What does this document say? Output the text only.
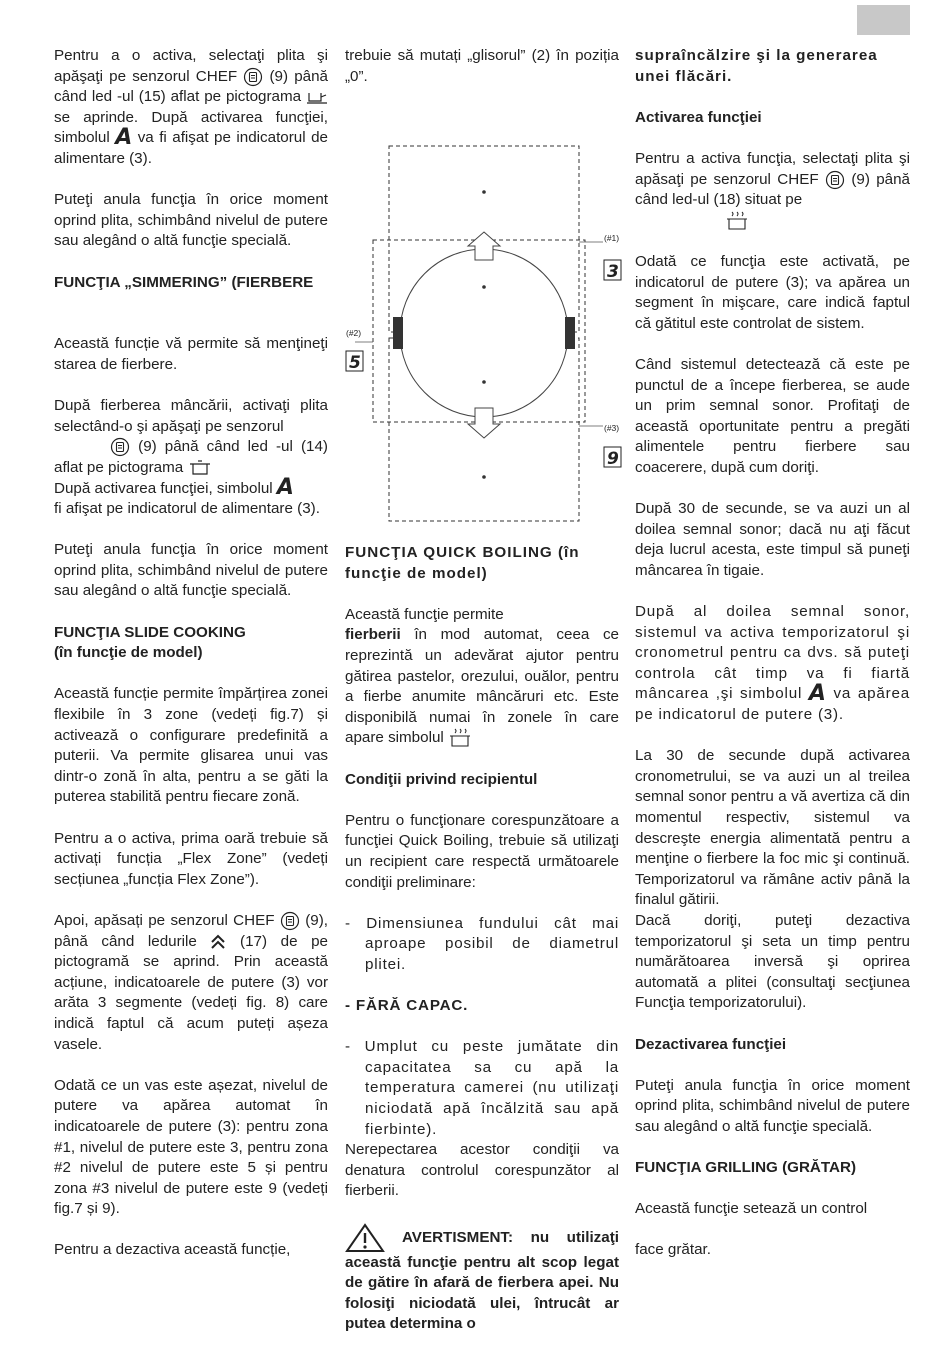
Pentru a o activa, selectaţi plita şi apăşaţi pe senzorul CHEF (9) până când led -ul (15) aflat pe pictograma  se aprinde. După activarea funcţiei, simbolul A va fi afişat pe indicatorul de alimentare (3).

Puteţi anula funcţia în orice moment oprind plita, schimbând nivelul de putere sau alegând o altă funcţie specială.

FUNCŢIA „SIMMERING” (FIERBERE

Această funcție vă permite să menţineţi starea de fierbere.

După fierberea mâncării, activaţi plita selectând-o şi apăşaţi pe senzorul
(9) până când led -ul (14) aflat pe pictograma
După activarea funcţiei, simbolul A
fi afişat pe indicatorul de alimentare (3).

Puteţi anula funcţia în orice moment oprind plita, schimbând nivelul de putere sau alegând o altă funcţie specială.

FUNCŢIA SLIDE COOKING
(în funcţie de model)

Această funcție permite împărțirea zonei flexibile în 3 zone (vedeți fig.7) și activează o configurare predefinită a puterii. Va permite glisarea unui vas dintr-o zonă în alta, pentru a se găti la puterea stabilită pentru fiecare zonă.

Pentru a o activa, prima oară trebuie să activați funcția „Flex Zone” (vedeți secțiunea „funcția Flex Zone”).

Apoi, apăsați pe senzorul CHEF (9), până când ledurile	(17) de pe pictogramă se aprind. Prin această acțiune, indicatoarele de putere (3) vor arăta 3 segmente (vedeți fig. 8) care indică faptul că acum puteți așeza vasele.

Odată ce un vas este așezat, nivelul de putere va apărea automat în indicatoarele de putere (3): pentru zona #1, nivelul de putere este 3, pentru zona #2 nivelul de putere este 5 și pentru zona #3 nivelul de putere este 9 (vedeți fig.7 și 9).

Pentru a dezactiva această funcție,

trebuie să mutați „glisorul” (2) în poziția „0”.

(#1)
3
(#2)
5
(#3)
9

FUNCŢIA QUICK BOILING (în funcţie de model)

Această funcţie permite
fierberii în mod automat, ceea ce reprezintă un adevărat ajutor pentru gătirea pastelor, orezului, ouălor, pentru a fierbe anumite mâncăruri etc. Este disponibilă numai în zonele în care apare simbolul

Condiţii privind recipientul

Pentru o funcţionare corespunzătoare a funcţiei Quick Boiling, trebuie să utilizaţi un recipient care respectă următoarele condiţii preliminare:

- Dimensiunea fundului cât mai aproape posibil de diametrul plitei.
- FĂRĂ CAPAC.
- Umplut cu peste jumătate din capacitatea sa cu apă la temperatura camerei (nu utilizaţi niciodată apă încălzită sau apă fierbinte).

Nerepectarea acestor condiţii va denatura controlul corespunzător al fierberii.

AVERTISMENT: nu utilizaţi această funcţie pentru alt scop legat de gătire în afară de fierbera apei. Nu folosiţi niciodată ulei, întrucât ar putea determina o

supraîncălzire şi la generarea unei flăcări.

Activarea funcţiei

Pentru a activa funcţia, selectaţi plita şi apăsaţi pe senzorul CHEF (9) până când led-ul (18) situat pe

Odată ce funcţia este activată, pe indicatorul de putere (3); va apărea un segment în mişcare, care indică faptul că gătitul este controlat de sistem.

Când sistemul detectează că este pe punctul de a începe fierberea, se aude un prim semnal sonor. Profitaţi de această oportunitate pentru a pregăti alimentele pentru fierbere sau coacerere, după cum doriţi.

După 30 de secunde, se va auzi un al doilea semnal sonor; dacă nu aţi făcut deja lucrul acesta, este timpul să puneţi mâncarea în tigaie.

După al doilea semnal sonor, sistemul va activa temporizatorul şi cronometrul pentru ca dvs. să puteţi controla cât timp va fi fiartă mâncarea ,şi simbolul A va apărea pe indicatorul de putere (3).

La 30 de secunde după activarea cronometrului, se va auzi un al treilea semnal sonor pentru a vă avertiza că din momentul respectiv, sistemul va descreşte energia alimentată pentru a menţine o fierbere la foc mic şi continuă. Temporizatorul va rămâne activ până la finalul gătirii.

Dacă doriţi, puteţi dezactiva temporizatorul şi seta un timp pentru numărătoarea inversă şi oprirea automată a plitei (consultaţi secţiunea Funcţia temporizatorului).

Dezactivarea funcţiei

Puteţi anula funcţia în orice moment oprind plita, schimbând nivelul de putere sau alegând o altă funcţie specială.

FUNCŢIA GRILLING (GRĂTAR)

Această funcţie setează un control

face grătar.
